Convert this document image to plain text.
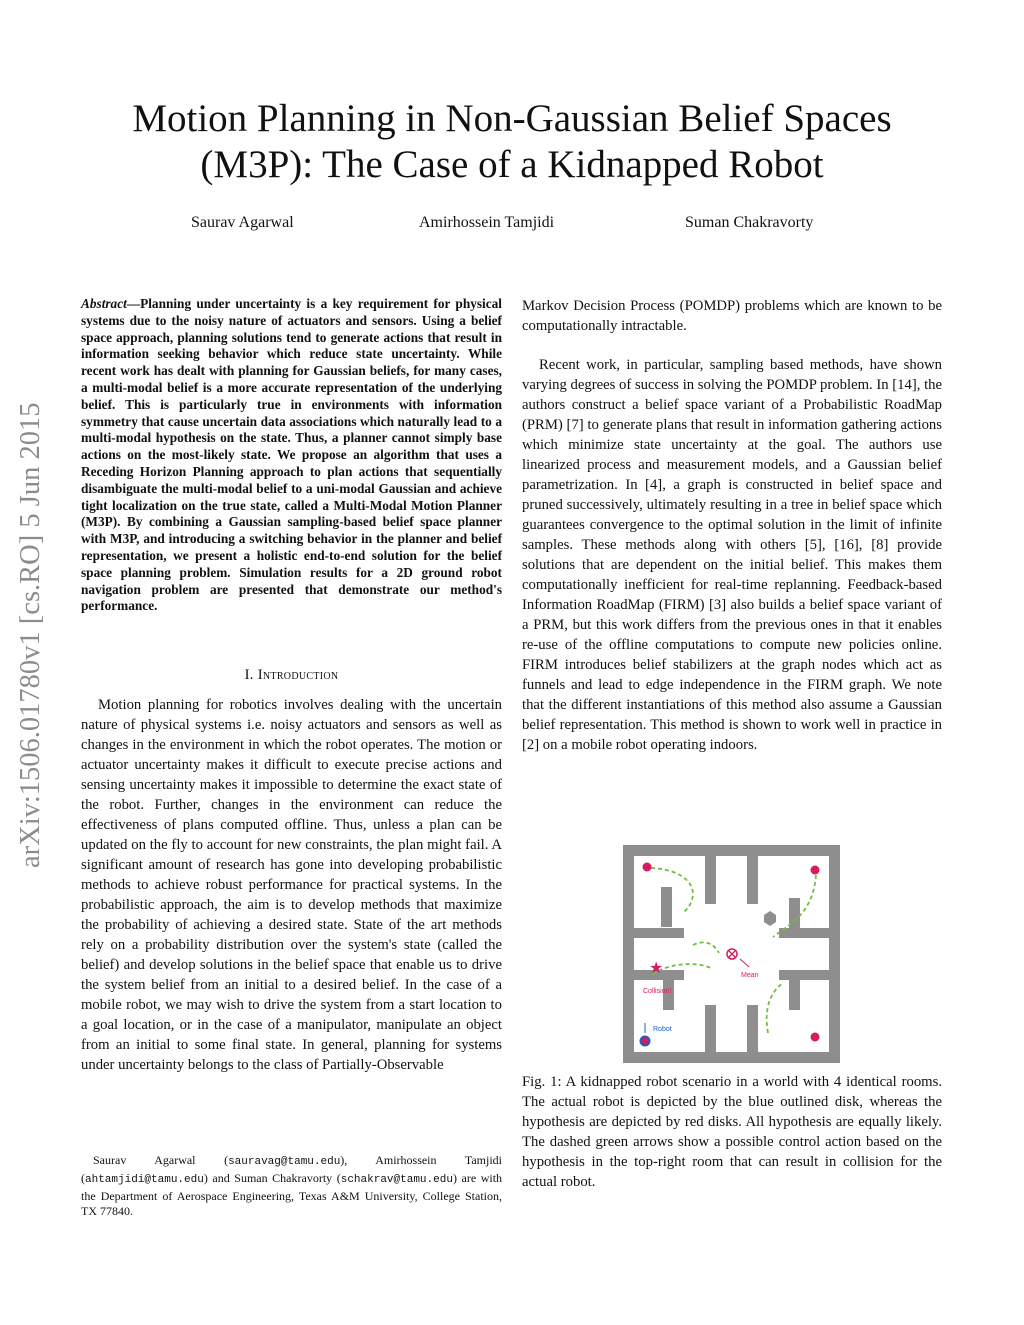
Motion Planning in Non-Gaussian Belief Spaces
(M3P): The Case of a Kidnapped Robot
Saurav Agarwal	Amirhossein Tamjidi	Suman Chakravorty
arXiv:1506.01780v1 [cs.RO] 5 Jun 2015

Abstract—Planning under uncertainty is a key requirement for physical systems due to the noisy nature of actuators and sensors. Using a belief space approach, planning solutions tend to generate actions that result in information seeking behavior which reduce state uncertainty. While recent work has dealt with planning for Gaussian beliefs, for many cases, a multi-modal belief is a more accurate representation of the underlying belief. This is particularly true in environments with information symmetry that cause uncertain data associations which naturally lead to a multi-modal hypothesis on the state. Thus, a planner cannot simply base actions on the most-likely state. We propose an algorithm that uses a Receding Horizon Planning approach to plan actions that sequentially disambiguate the multi-modal belief to a uni-modal Gaussian and achieve tight localization on the true state, called a Multi-Modal Motion Planner (M3P). By combining a Gaussian sampling-based belief space planner with M3P, and introducing a switching behavior in the planner and belief representation, we present a holistic end-to-end solution for the belief space planning problem. Simulation results for a 2D ground robot navigation problem are presented that demonstrate our method's performance.

I. Introduction

Motion planning for robotics involves dealing with the uncertain nature of physical systems i.e. noisy actuators and sensors as well as changes in the environment in which the robot operates. The motion or actuator uncertainty makes it difficult to execute precise actions and sensing uncertainty makes it impossible to determine the exact state of the robot. Further, changes in the environment can reduce the effectiveness of plans computed offline. Thus, unless a plan can be updated on the fly to account for new constraints, the plan might fail. A significant amount of research has gone into developing probabilistic methods to achieve robust performance for practical systems. In the probabilistic approach, the aim is to develop methods that maximize the probability of achieving a desired state. State of the art methods rely on a probability distribution over the system's state (called the belief) and develop solutions in the belief space that enable us to drive the system belief from an initial to a desired belief. In the case of a mobile robot, we may wish to drive the system from a start location to a goal location, or in the case of a manipulator, manipulate an object from an initial to some final state. In general, planning for systems under uncertainty belongs to the class of Partially-Observable

Saurav Agarwal (sauravag@tamu.edu), Amirhossein Tamjidi (ahtamjidi@tamu.edu) and Suman Chakravorty (schakrav@tamu.edu) are with the Department of Aerospace Engineering, Texas A&M University, College Station, TX 77840.

Markov Decision Process (POMDP) problems which are known to be computationally intractable.

Recent work, in particular, sampling based methods, have shown varying degrees of success in solving the POMDP problem. In [14], the authors construct a belief space variant of a Probabilistic RoadMap (PRM) [7] to generate plans that result in information gathering actions which minimize state uncertainty at the goal. The authors use linearized process and measurement models, and a Gaussian belief parametrization. In [4], a graph is constructed in belief space and pruned successively, ultimately resulting in a tree in belief space which guarantees convergence to the optimal solution in the limit of infinite samples. These methods along with others [5], [16], [8] provide solutions that are dependent on the initial belief. This makes them computationally inefficient for real-time replanning. Feedback-based Information RoadMap (FIRM) [3] also builds a belief space variant of a PRM, but this work differs from the previous ones in that it enables re-use of the offline computations to compute new policies online. FIRM introduces belief stabilizers at the graph nodes which act as funnels and lead to edge independence in the FIRM graph. We note that the different instantiations of this method also assume a Gaussian belief representation. This method is shown to work well in practice in [2] on a mobile robot operating indoors.

★
Collision!
Mean
Robot

Fig. 1: A kidnapped robot scenario in a world with 4 identical rooms. The actual robot is depicted by the blue outlined disk, whereas the hypothesis are depicted by red disks. All hypothesis are equally likely. The dashed green arrows show a possible control action based on the hypothesis in the top-right room that can result in collision for the actual robot.
